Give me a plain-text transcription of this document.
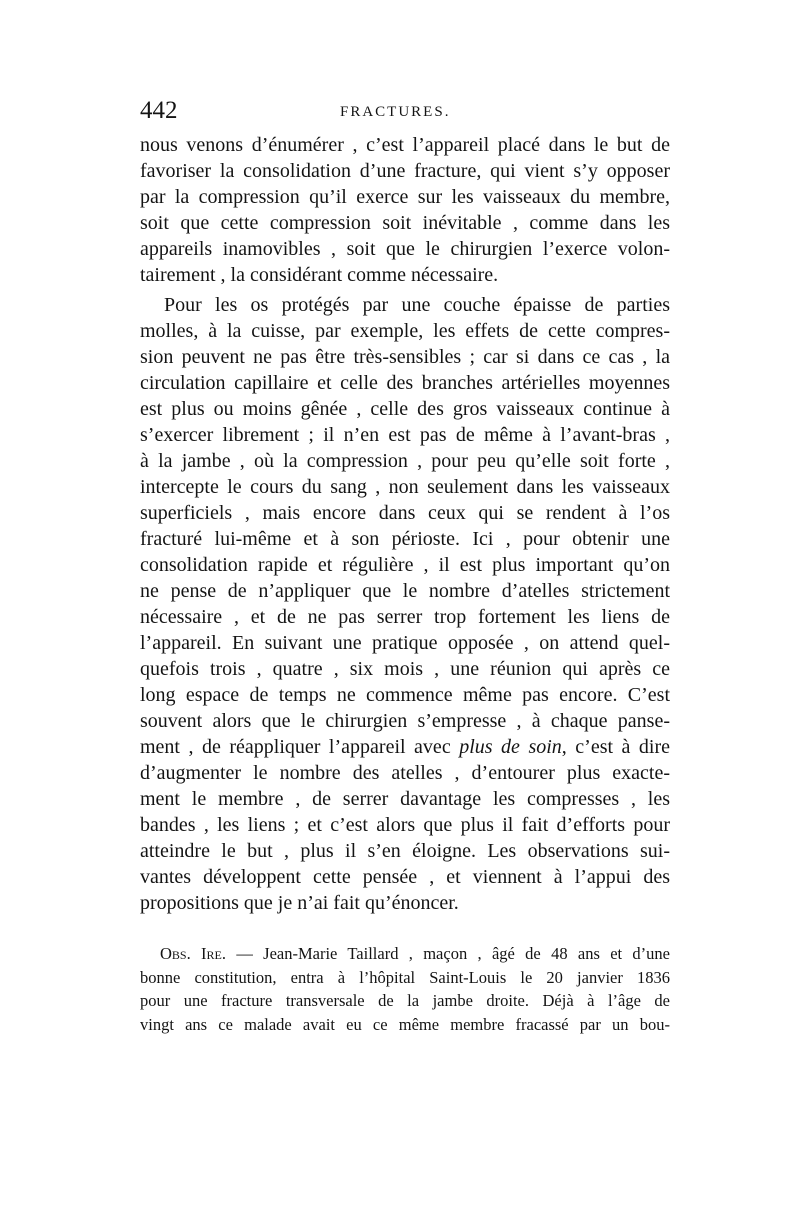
442	FRACTURES.
nous venons d’énumérer , c’est l’appareil placé dans le but de
favoriser la consolidation d’une fracture, qui vient s’y opposer
par la compression qu’il exerce sur les vaisseaux du membre,
soit que cette compression soit inévitable , comme dans les
appareils inamovibles , soit que le chirurgien l’exerce volon-
tairement , la considérant comme nécessaire.
Pour les os protégés par une couche épaisse de parties
molles, à la cuisse, par exemple, les effets de cette compres-
sion peuvent ne pas être très-sensibles ; car si dans ce cas , la
circulation capillaire et celle des branches artérielles moyennes
est plus ou moins gênée , celle des gros vaisseaux continue à
s’exercer librement ; il n’en est pas de même à l’avant-bras ,
à la jambe , où la compression , pour peu qu’elle soit forte ,
intercepte le cours du sang , non seulement dans les vaisseaux
superficiels , mais encore dans ceux qui se rendent à l’os
fracturé lui-même et à son périoste. Ici , pour obtenir une
consolidation rapide et régulière , il est plus important qu’on
ne pense de n’appliquer que le nombre d’atelles strictement
nécessaire , et de ne pas serrer trop fortement les liens de
l’appareil. En suivant une pratique opposée , on attend quel-
quefois trois , quatre , six mois , une réunion qui après ce
long espace de temps ne commence même pas encore. C’est
souvent alors que le chirurgien s’empresse , à chaque panse-
ment , de réappliquer l’appareil avec plus de soin, c’est à dire
d’augmenter le nombre des atelles , d’entourer plus exacte-
ment le membre , de serrer davantage les compresses , les
bandes , les liens ; et c’est alors que plus il fait d’efforts pour
atteindre le but , plus il s’en éloigne. Les observations sui-
vantes développent cette pensée , et viennent à l’appui des
propositions que je n’ai fait qu’énoncer.
Obs. Ire. — Jean-Marie Taillard , maçon , âgé de 48 ans et d’une
bonne constitution, entra à l’hôpital Saint-Louis le 20 janvier 1836
pour une fracture transversale de la jambe droite. Déjà à l’âge de
vingt ans ce malade avait eu ce même membre fracassé par un bou-
